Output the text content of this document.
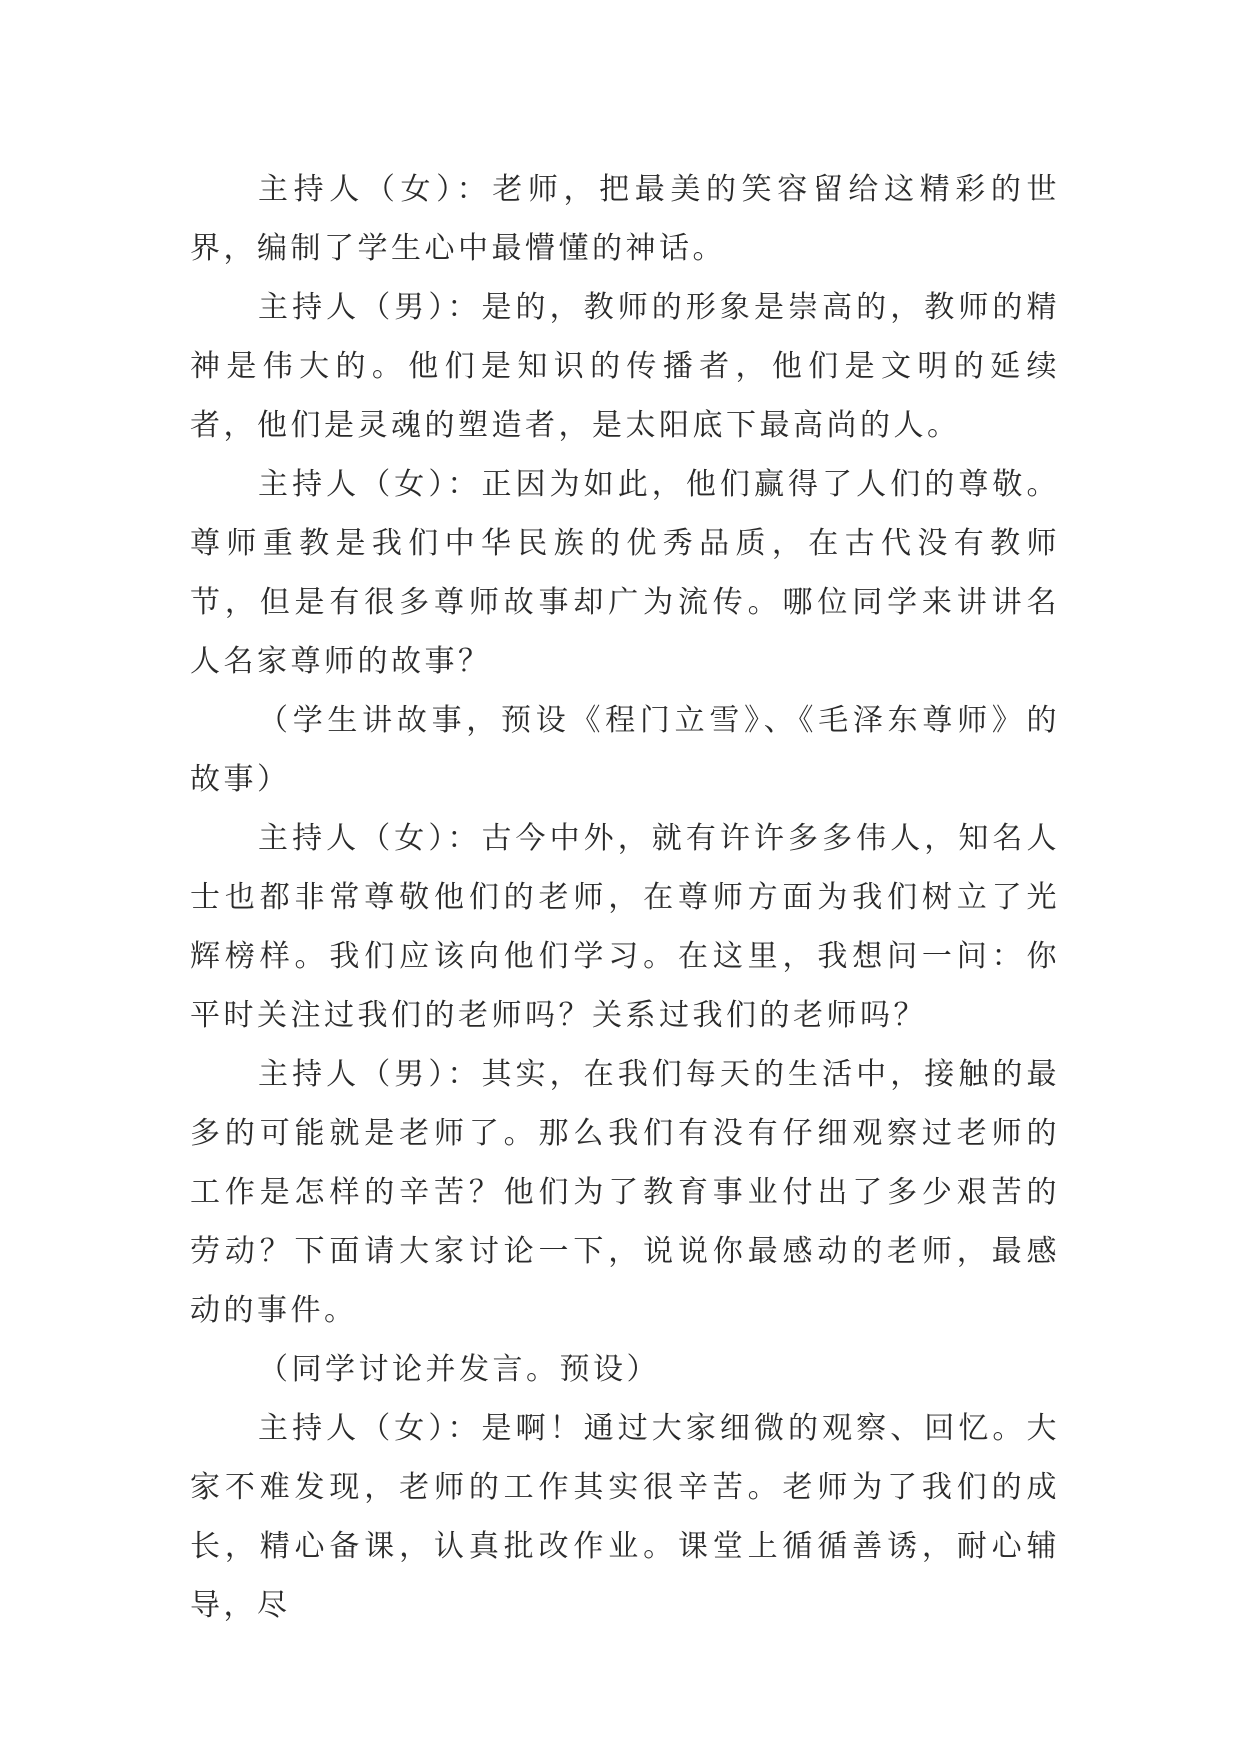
主持人（女）：老师，把最美的笑容留给这精彩的世界，编制了学生心中最懵懂的神话。

主持人（男）：是的，教师的形象是崇高的，教师的精神是伟大的。他们是知识的传播者，他们是文明的延续者，他们是灵魂的塑造者，是太阳底下最高尚的人。

主持人（女）：正因为如此，他们赢得了人们的尊敬。尊师重教是我们中华民族的优秀品质，在古代没有教师节，但是有很多尊师故事却广为流传。哪位同学来讲讲名人名家尊师的故事？

（学生讲故事，预设《程门立雪》、《毛泽东尊师》的故事）

主持人（女）：古今中外，就有许许多多伟人，知名人士也都非常尊敬他们的老师，在尊师方面为我们树立了光辉榜样。我们应该向他们学习。在这里，我想问一问：你平时关注过我们的老师吗？关系过我们的老师吗？

主持人（男）：其实，在我们每天的生活中，接触的最多的可能就是老师了。那么我们有没有仔细观察过老师的工作是怎样的辛苦？他们为了教育事业付出了多少艰苦的劳动？下面请大家讨论一下，说说你最感动的老师，最感动的事件。

（同学讨论并发言。预设）

主持人（女）：是啊！通过大家细微的观察、回忆。大家不难发现，老师的工作其实很辛苦。老师为了我们的成长，精心备课，认真批改作业。课堂上循循善诱，耐心辅导，尽
